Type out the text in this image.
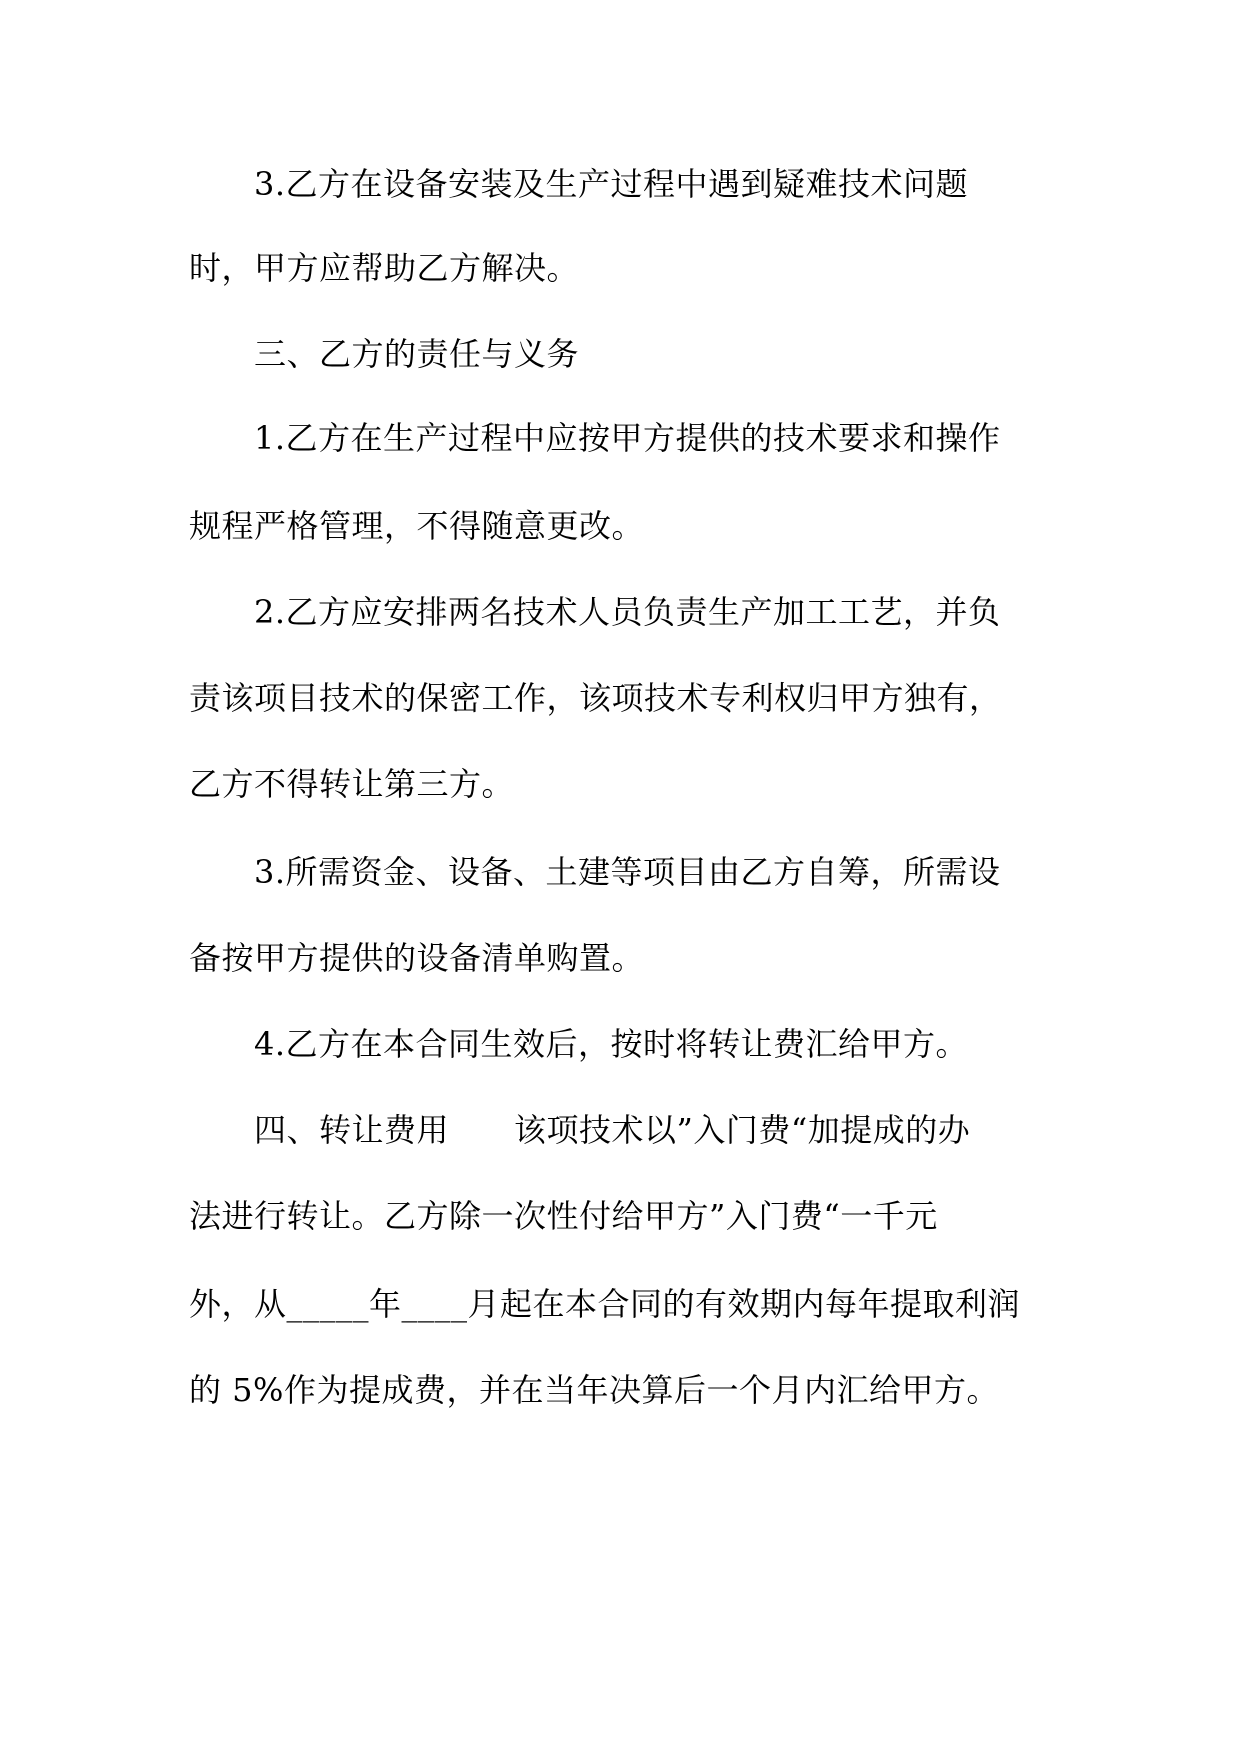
3.乙方在设备安装及生产过程中遇到疑难技术问题
时，甲方应帮助乙方解决。
三、乙方的责任与义务
1.乙方在生产过程中应按甲方提供的技术要求和操作
规程严格管理，不得随意更改。
2.乙方应安排两名技术人员负责生产加工工艺，并负
责该项目技术的保密工作，该项技术专利权归甲方独有，
乙方不得转让第三方。
3.所需资金、设备、土建等项目由乙方自筹，所需设
备按甲方提供的设备清单购置。
4.乙方在本合同生效后，按时将转让费汇给甲方。
四、转让费用　　该项技术以”入门费“加提成的办
法进行转让。乙方除一次性付给甲方”入门费“一千元
外，从_____年____月起在本合同的有效期内每年提取利润
的 5%作为提成费，并在当年决算后一个月内汇给甲方。
